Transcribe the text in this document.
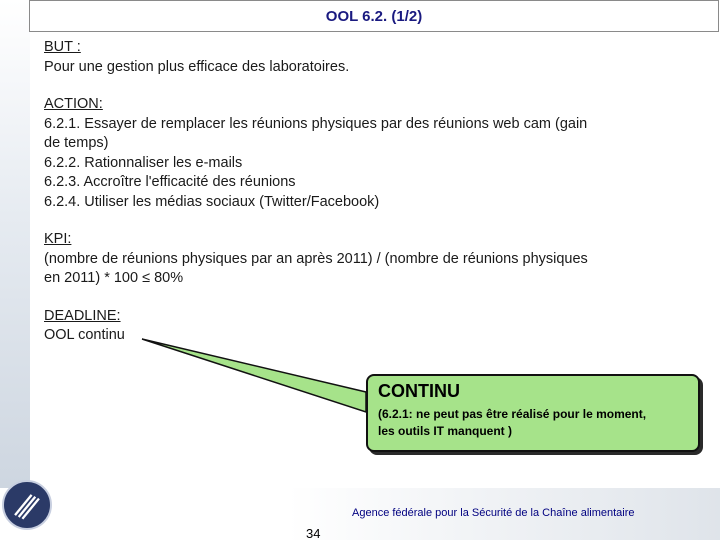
OOL 6.2. (1/2)
BUT :
Pour une gestion plus efficace des laboratoires.
ACTION:
6.2.1. Essayer de remplacer les réunions physiques par des réunions web cam (gain
de temps)
6.2.2. Rationnaliser les e-mails
6.2.3. Accroître l'efficacité des réunions
6.2.4. Utiliser les médias sociaux (Twitter/Facebook)
KPI:
(nombre de réunions physiques par an après 2011) / (nombre de réunions physiques
en 2011) * 100 ≤ 80%
DEADLINE:
OOL continu
CONTINU
(6.2.1: ne peut pas être réalisé pour le moment,
les outils IT manquent )
Agence fédérale pour la Sécurité de la Chaîne alimentaire
34
